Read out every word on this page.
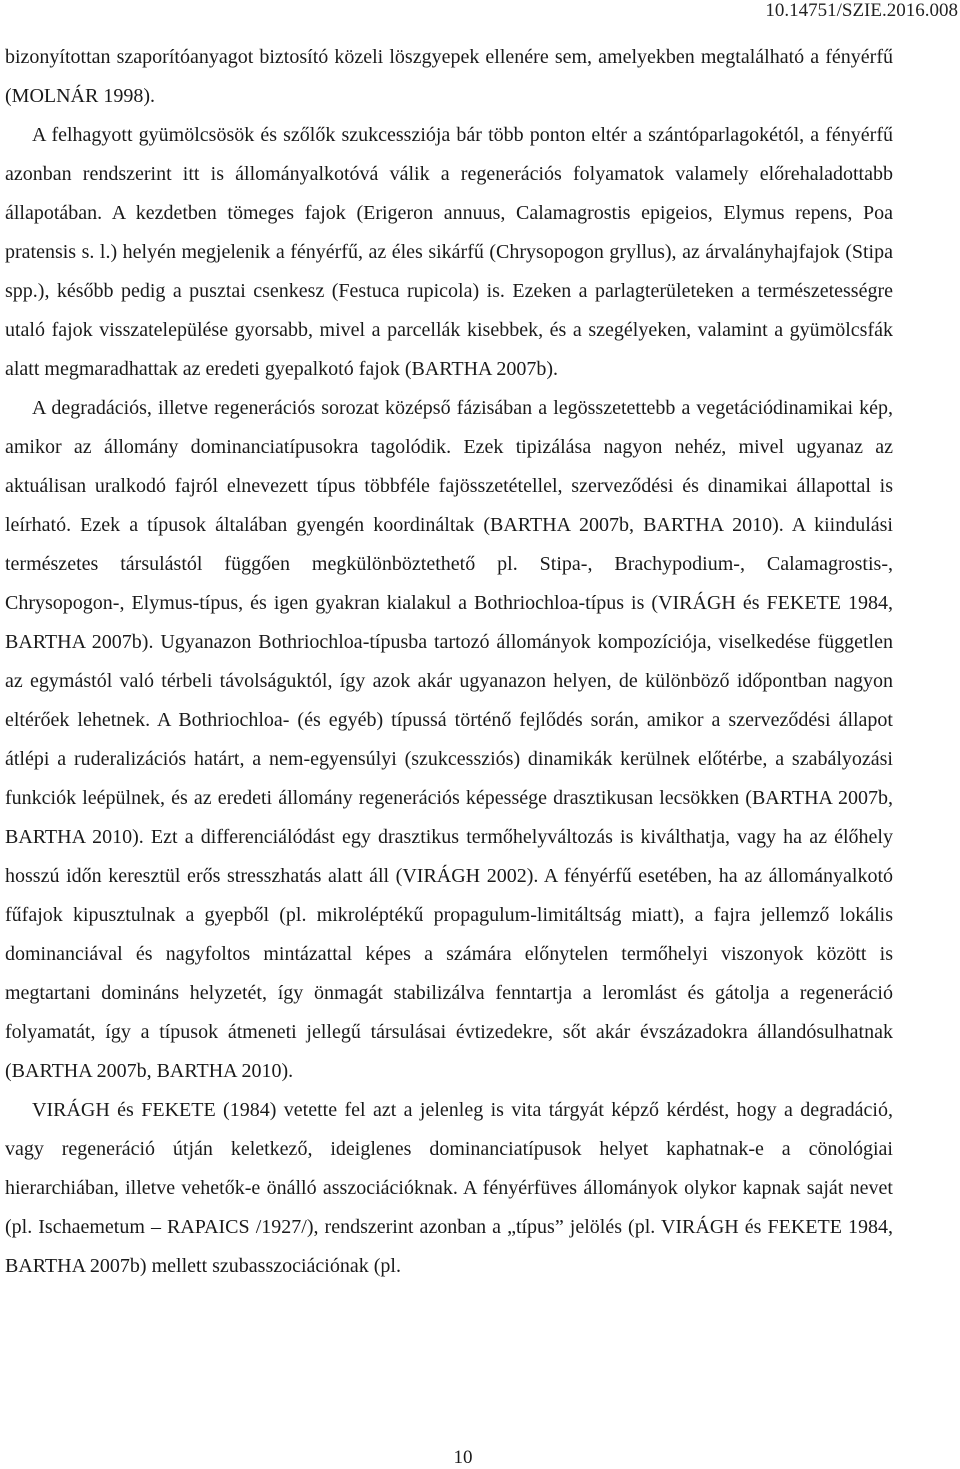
10.14751/SZIE.2016.008

bizonyítottan szaporítóanyagot biztosító közeli löszgyepek ellenére sem, amelyekben megtalálható a fényérfű (MOLNÁR 1998).

A felhagyott gyümölcsösök és szőlők szukcessziója bár több ponton eltér a szántóparlagokétól, a fényérfű azonban rendszerint itt is állományalkotóvá válik a regenerációs folyamatok valamely előrehaladottabb állapotában. A kezdetben tömeges fajok (Erigeron annuus, Calamagrostis epigeios, Elymus repens, Poa pratensis s. l.) helyén megjelenik a fényérfű, az éles sikárfű (Chrysopogon gryllus), az árvalányhajfajok (Stipa spp.), később pedig a pusztai csenkesz (Festuca rupicola) is. Ezeken a parlagterületeken a természetességre utaló fajok visszatelepülése gyorsabb, mivel a parcellák kisebbek, és a szegélyeken, valamint a gyümölcsfák alatt megmaradhattak az eredeti gyepalkotó fajok (BARTHA 2007b).

A degradációs, illetve regenerációs sorozat középső fázisában a legösszetettebb a vegetációdinamikai kép, amikor az állomány dominanciatípusokra tagolódik. Ezek tipizálása nagyon nehéz, mivel ugyanaz az aktuálisan uralkodó fajról elnevezett típus többféle fajösszetétellel, szerveződési és dinamikai állapottal is leírható. Ezek a típusok általában gyengén koordináltak (BARTHA 2007b, BARTHA 2010). A kiindulási természetes társulástól függően megkülönböztethető pl. Stipa-, Brachypodium-, Calamagrostis-, Chrysopogon-, Elymus-típus, és igen gyakran kialakul a Bothriochloa-típus is (VIRÁGH és FEKETE 1984, BARTHA 2007b). Ugyanazon Bothriochloa-típusba tartozó állományok kompozíciója, viselkedése független az egymástól való térbeli távolságuktól, így azok akár ugyanazon helyen, de különböző időpontban nagyon eltérőek lehetnek. A Bothriochloa- (és egyéb) típussá történő fejlődés során, amikor a szerveződési állapot átlépi a ruderalizációs határt, a nem-egyensúlyi (szukcessziós) dinamikák kerülnek előtérbe, a szabályozási funkciók leépülnek, és az eredeti állomány regenerációs képessége drasztikusan lecsökken (BARTHA 2007b, BARTHA 2010). Ezt a differenciálódást egy drasztikus termőhelyváltozás is kiválthatja, vagy ha az élőhely hosszú időn keresztül erős stresszhatás alatt áll (VIRÁGH 2002). A fényérfű esetében, ha az állományalkotó fűfajok kipusztulnak a gyepből (pl. mikroléptékű propagulum-limitáltság miatt), a fajra jellemző lokális dominanciával és nagyfoltos mintázattal képes a számára előnytelen termőhelyi viszonyok között is megtartani domináns helyzetét, így önmagát stabilizálva fenntartja a leromlást és gátolja a regeneráció folyamatát, így a típusok átmeneti jellegű társulásai évtizedekre, sőt akár évszázadokra állandósulhatnak (BARTHA 2007b, BARTHA 2010).

VIRÁGH és FEKETE (1984) vetette fel azt a jelenleg is vita tárgyát képző kérdést, hogy a degradáció, vagy regeneráció útján keletkező, ideiglenes dominanciatípusok helyet kaphatnak-e a cönológiai hierarchiában, illetve vehetők-e önálló asszociációknak. A fényérfüves állományok olykor kapnak saját nevet (pl. Ischaemetum – RAPAICS /1927/), rendszerint azonban a „típus” jelölés (pl. VIRÁGH és FEKETE 1984, BARTHA 2007b) mellett szubasszociációnak (pl.

10
